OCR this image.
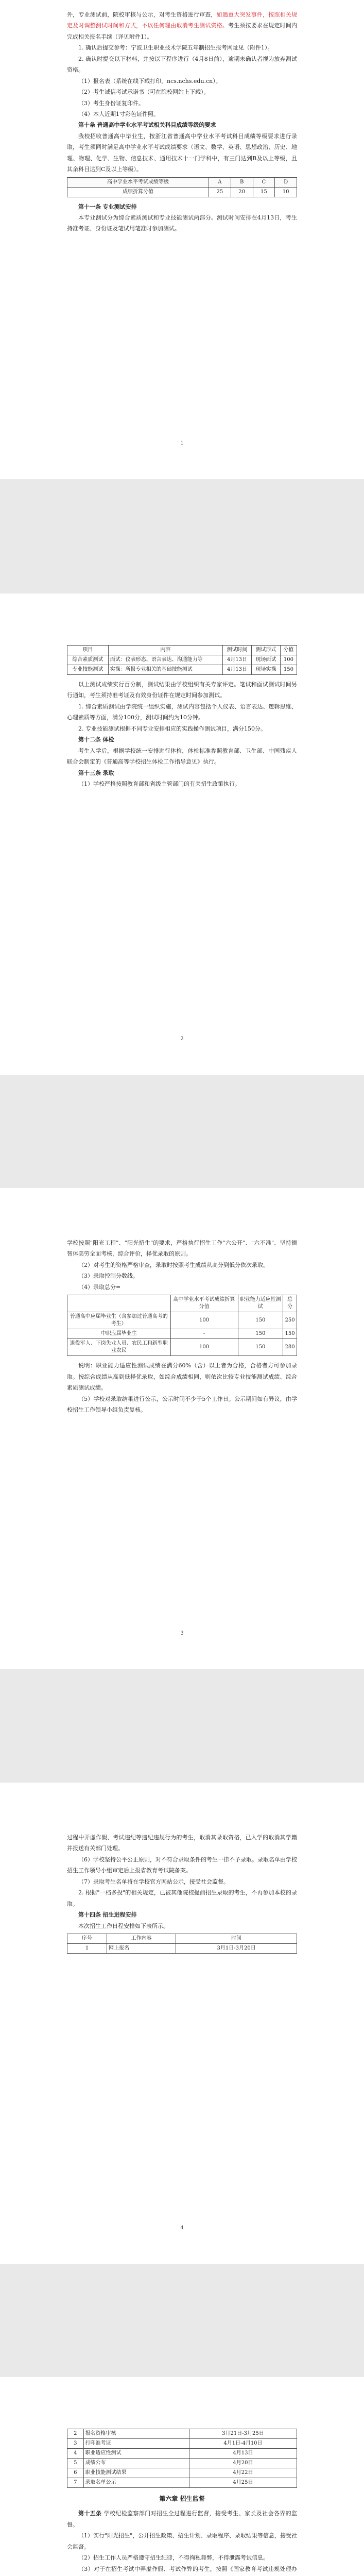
外，专业测试前，院校审核与公示，对考生资格进行审查，如遇重大突发事件，按照相关规定及时调整测试时间和方式，不以任何理由取消考生测试资格。考生须按要求在规定时间内完成相关报名手续（详见附件1）。

1. 确认后提交参考：宁波卫生职业技术学院五年制招生报考网址见（附件1）。

2. 确认时提交以下材料，并按以下程序进行（4月8日前），逾期未确认者视为放弃测试资格。

（1）报名表（系统在线下载打印，ncs.nchs.edu.cn）。

（2）考生诚信考试承诺书（可在院校网站上下载）。

（3）考生身份证复印件。

（4）本人近期1寸彩色证件照。

第十条 普通高中学业水平考试相关科目成绩等级的要求

我校招收普通高中毕业生，按浙江省普通高中学业水平考试科目成绩等级要求进行录取，考生须同时满足高中学业水平考试成绩要求（语文、数学、英语、思想政治、历史、地理、物理、化学、生物、信息技术、通用技术十一门学科中，有三门达到B及以上等级，且其余科目达到C及以上等级）。

高中学业水平考试成绩等级	A	B	C	D
成绩折算分值	25	20	15	10

第十一条 专业测试安排

本专业测试分为综合素质测试和专业技能测试两部分。测试时间安排在4月13日，考生持准考证、身份证及笔试用笔准时参加测试。

1
项目	内容	测试时间	测试形式	分值
综合素质测试	面试：仪表形态、语言表达、沟通能力等	4月13日	现场面试	100
专业技能测试	实操：所报专业相关的基础技能测试	4月13日	现场实操	150

以上测试成绩实行百分制，测试结果由学校组织有关专家评定。笔试和面试测试时间另行通知，考生须持准考证及有效身份证件在规定时间参加测试。

1. 综合素质测试由学院统一组织实施，测试内容包括个人仪表、语言表达、逻辑思维、心理素质等方面，满分100分，测试时间约为10分钟。

2. 专业技能测试根据不同专业安排相应的实践操作测试项目，满分150分。

第十二条 体检

考生入学后，根据学校统一安排进行体检，体检标准参照教育部、卫生部、中国残疾人联合会制定的《普通高等学校招生体检工作指导意见》执行。

第十三条 录取

（1）学校严格按照教育部和省级主管部门的有关招生政策执行。

2

学校按照"阳光工程"、"阳光招生"的要求，严格执行招生工作"六公开"、"六不准"、坚持德智体美劳全面考核，综合评价，择优录取的原则。

（2）对考生的资格严格审查，录取时按照考生成绩从高分到低分依次录取。

（3）录取控制分数线。

（4）录取总分=

	高中学业水平考试成绩折算分值	职业能力适应性测试	总分
普通高中应届毕业生（含参加过普通高考的考生）	100	150	250
中职应届毕业生	-	150	150
退役军人、下岗失业人员、农民工和新型职业农民	100	150	280

说明：职业能力适应性测试成绩在满分60%（含）以上者为合格，合格者方可参加录取。按综合成绩从高到低择优录取，如综合成绩相同，则依次比较专业技能测试成绩、综合素质测试成绩。

（5）学校对录取结果进行公示，公示时间不少于5个工作日。公示期间如有异议，由学校招生工作领导小组负责复核。

3

过程中弄虚作假、考试违纪等违纪违规行为的考生，取消其录取资格，已入学的取消其学籍并报送有关部门处理。

（6）学校坚持公平公正原则，对不符合录取条件的考生一律不予录取。录取名单由学校招生工作领导小组审定后上报省教育考试院备案。

（7）录取考生名单将在学校官方网站公示，接受社会监督。

2. 根据"一档多投"的相关规定，已被其他院校提前招生录取的考生，不再参加本校的录取。

第十四条 招生进程安排

本次招生工作日程安排如下表所示。

序号	工作内容	时间
1	网上报名	3月1日-3月20日
4
2	报名资格审核	3月21日-3月25日
3	打印准考证	4月1日-4月10日
4	职业适应性测试	4月13日
5	成绩公布	4月20日
6	职业技能测试结果	4月22日
7	录取名单公示	4月25日
第六章 招生监督

第十五条 学校纪检监察部门对招生全过程进行监督，接受考生、家长及社会各界的监督。

（1）实行"阳光招生"，公开招生政策、招生计划、录取程序、录取结果等信息，接受社会监督。

（2）招生工作人员严格遵守招生纪律，不得徇私舞弊，不得泄露考试信息。

（3）对于在招生考试中弄虚作假、考试作弊的考生，按照《国家教育考试违规处理办
